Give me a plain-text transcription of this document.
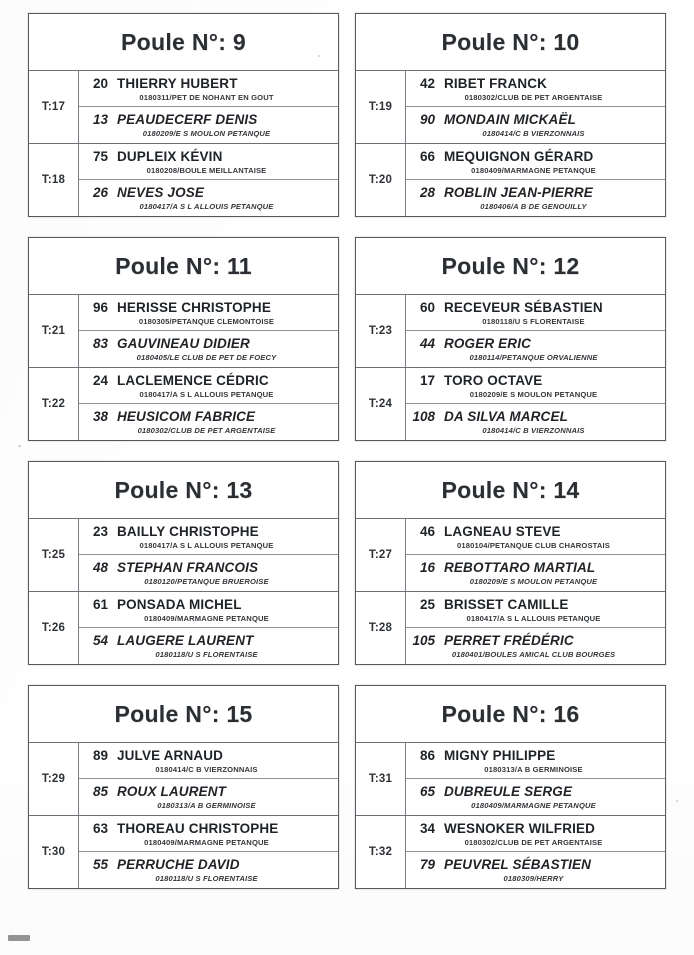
Poule N°: 9
T:17
20 THIERRY HUBERT
0180311/PET DE NOHANT EN GOUT
13 PEAUDECERF DENIS
0180209/E S MOULON PETANQUE
T:18
75 DUPLEIX KÉVIN
0180208/BOULE MEILLANTAISE
26 NEVES JOSE
0180417/A S L ALLOUIS PETANQUE
Poule N°: 10
T:19
42 RIBET FRANCK
0180302/CLUB DE PET ARGENTAISE
90 MONDAIN MICKAËL
0180414/C B VIERZONNAIS
T:20
66 MEQUIGNON GÉRARD
0180409/MARMAGNE PETANQUE
28 ROBLIN JEAN-PIERRE
0180406/A B DE GENOUILLY
Poule N°: 11
T:21
96 HERISSE CHRISTOPHE
0180305/PETANQUE CLEMONTOISE
83 GAUVINEAU DIDIER
0180405/LE CLUB DE PET DE FOECY
T:22
24 LACLEMENCE CÉDRIC
0180417/A S L ALLOUIS PETANQUE
38 HEUSICOM FABRICE
0180302/CLUB DE PET ARGENTAISE
Poule N°: 12
T:23
60 RECEVEUR SÉBASTIEN
0180118/U S FLORENTAISE
44 ROGER ERIC
0180114/PETANQUE ORVALIENNE
T:24
17 TORO OCTAVE
0180209/E S MOULON PETANQUE
108 DA SILVA MARCEL
0180414/C B VIERZONNAIS
Poule N°: 13
T:25
23 BAILLY CHRISTOPHE
0180417/A S L ALLOUIS PETANQUE
48 STEPHAN FRANCOIS
0180120/PETANQUE BRUEROISE
T:26
61 PONSADA MICHEL
0180409/MARMAGNE PETANQUE
54 LAUGERE LAURENT
0180118/U S FLORENTAISE
Poule N°: 14
T:27
46 LAGNEAU STEVE
0180104/PETANQUE CLUB CHAROSTAIS
16 REBOTTARO MARTIAL
0180209/E S MOULON PETANQUE
T:28
25 BRISSET CAMILLE
0180417/A S L ALLOUIS PETANQUE
105 PERRET FRÉDÉRIC
0180401/BOULES AMICAL CLUB BOURGES
Poule N°: 15
T:29
89 JULVE ARNAUD
0180414/C B VIERZONNAIS
85 ROUX LAURENT
0180313/A B GERMINOISE
T:30
63 THOREAU CHRISTOPHE
0180409/MARMAGNE PETANQUE
55 PERRUCHE DAVID
0180118/U S FLORENTAISE
Poule N°: 16
T:31
86 MIGNY PHILIPPE
0180313/A B GERMINOISE
65 DUBREULE SERGE
0180409/MARMAGNE PETANQUE
T:32
34 WESNOKER WILFRIED
0180302/CLUB DE PET ARGENTAISE
79 PEUVREL SÉBASTIEN
0180309/HERRY
